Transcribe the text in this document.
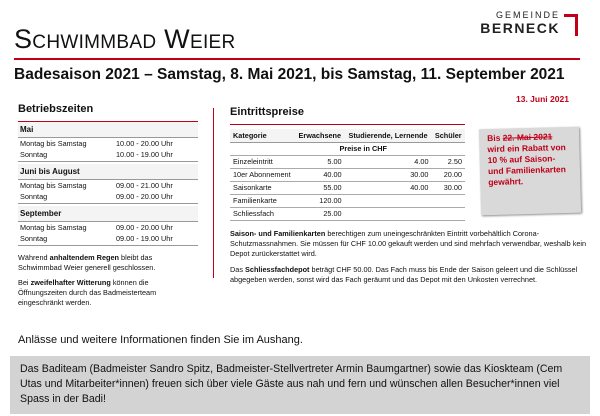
Schwimmbad Weier
GEMEINDE
BERNECK
Badesaison 2021 – Samstag, 8. Mai 2021, bis Samstag, 11. September 2021
Betriebszeiten
Mai
Montag bis Samstag	10.00 - 20.00 Uhr
Sonntag	10.00 - 19.00 Uhr
Juni bis August
Montag bis Samstag	09.00 - 21.00 Uhr
Sonntag	09.00 - 20.00 Uhr
September
Montag bis Samstag	09.00 - 20.00 Uhr
Sonntag	09.00 - 19.00 Uhr
Während anhaltendem Regen bleibt das Schwimmbad Weier generell geschlossen.
Bei zweifelhafter Witterung können die Öffnungszeiten durch das Badmeisterteam eingeschränkt werden.
Eintrittspreise
Kategorie	Erwachsene	Studierende, Lernende	Schüler
	Preise in CHF		
Einzeleintritt	5.00	4.00	2.50
10er Abonnement	40.00	30.00	20.00
Saisonkarte	55.00	40.00	30.00
Familienkarte	120.00		
Schliessfach	25.00		
Saison- und Familienkarten berechtigen zum uneingeschränkten Eintritt vorbehältlich Corona-Schutzmassnahmen. Sie müssen für CHF 10.00 gekauft werden und sind mehrfach verwendbar, weshalb kein Depot zurückerstattet wird.
Das Schliessfachdepot beträgt CHF 50.00. Das Fach muss bis Ende der Saison geleert und die Schlüssel abgegeben werden, sonst wird das Fach geräumt und das Depot mit den Unkosten verrechnet.
13. Juni 2021
Bis 22. Mai 2021 wird ein Rabatt von 10 % auf Saison- und Familienkarten gewährt.
Anlässe und weitere Informationen finden Sie im Aushang.
Das Baditeam (Badmeister Sandro Spitz, Badmeister-Stellvertreter Armin Baumgartner) sowie das Kioskteam (Cem Utas und Mitarbeiter*innen) freuen sich über viele Gäste aus nah und fern und wünschen allen Besucher*innen viel Spass in der Badi!
